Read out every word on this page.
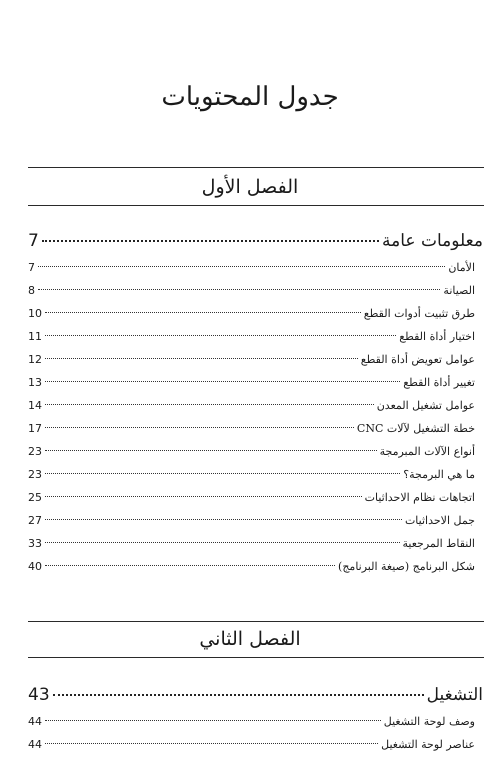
جدول المحتويات
الفصل الأول
معلومات عامة
7
الأمان
7
الصيانة
8
طرق تثبيت أدوات القطع
10
اختيار أداة القطع
11
عوامل تعويض أداة القطع
12
تغيير أداة القطع
13
عوامل تشغيل المعدن
14
خطة التشغيل لآلات CNC
17
أنواع الآلات المبرمجة
23
ما هي البرمجة؟
23
اتجاهات نظام الاحداثيات
25
جمل الاحداثيات
27
النقاط المرجعية
33
شكل البرنامج (صيغة البرنامج)
40
الفصل الثاني
التشغيل
43
وصف لوحة التشغيل
44
عناصر لوحة التشغيل
44
